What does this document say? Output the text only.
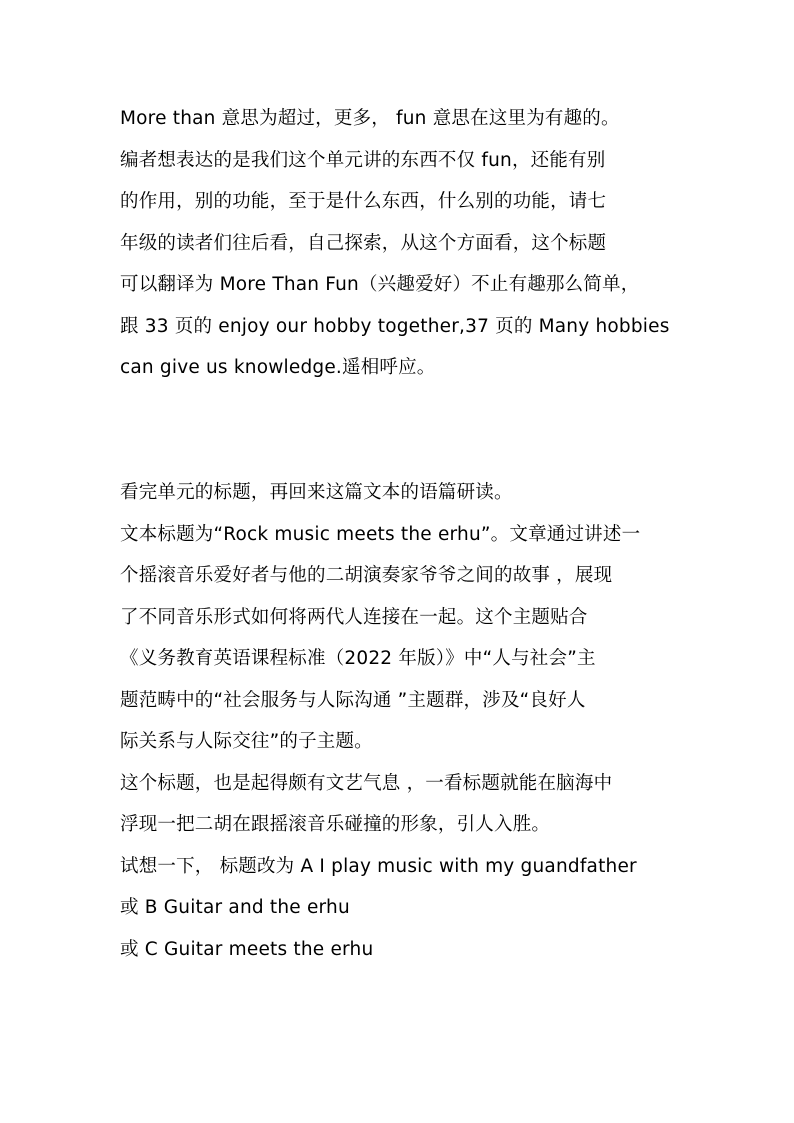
More than 意思为超过，更多， fun 意思在这里为有趣的。
编者想表达的是我们这个单元讲的东西不仅 fun，还能有别
的作用，别的功能，至于是什么东西，什么别的功能，请七
年级的读者们往后看，自己探索，从这个方面看，这个标题
可以翻译为 More Than Fun（兴趣爱好）不止有趣那么简单，
跟 33 页的 enjoy our hobby together,37 页的 Many hobbies
can give us knowledge.遥相呼应。
看完单元的标题，再回来这篇文本的语篇研读。
文本标题为“Rock music meets the erhu”。文章通过讲述一
个摇滚音乐爱好者与他的二胡演奏家爷爷之间的故事 ，展现
了不同音乐形式如何将两代人连接在一起。这个主题贴合
《义务教育英语课程标准（2022 年版）》中“人与社会”主
题范畴中的“社会服务与人际沟通 ”主题群，涉及“良好人
际关系与人际交往”的子主题。
这个标题，也是起得颇有文艺气息 ，一看标题就能在脑海中
浮现一把二胡在跟摇滚音乐碰撞的形象，引人入胜。
试想一下， 标题改为 A I play music with my guandfather
或 B Guitar and the erhu
或 C Guitar meets the erhu
